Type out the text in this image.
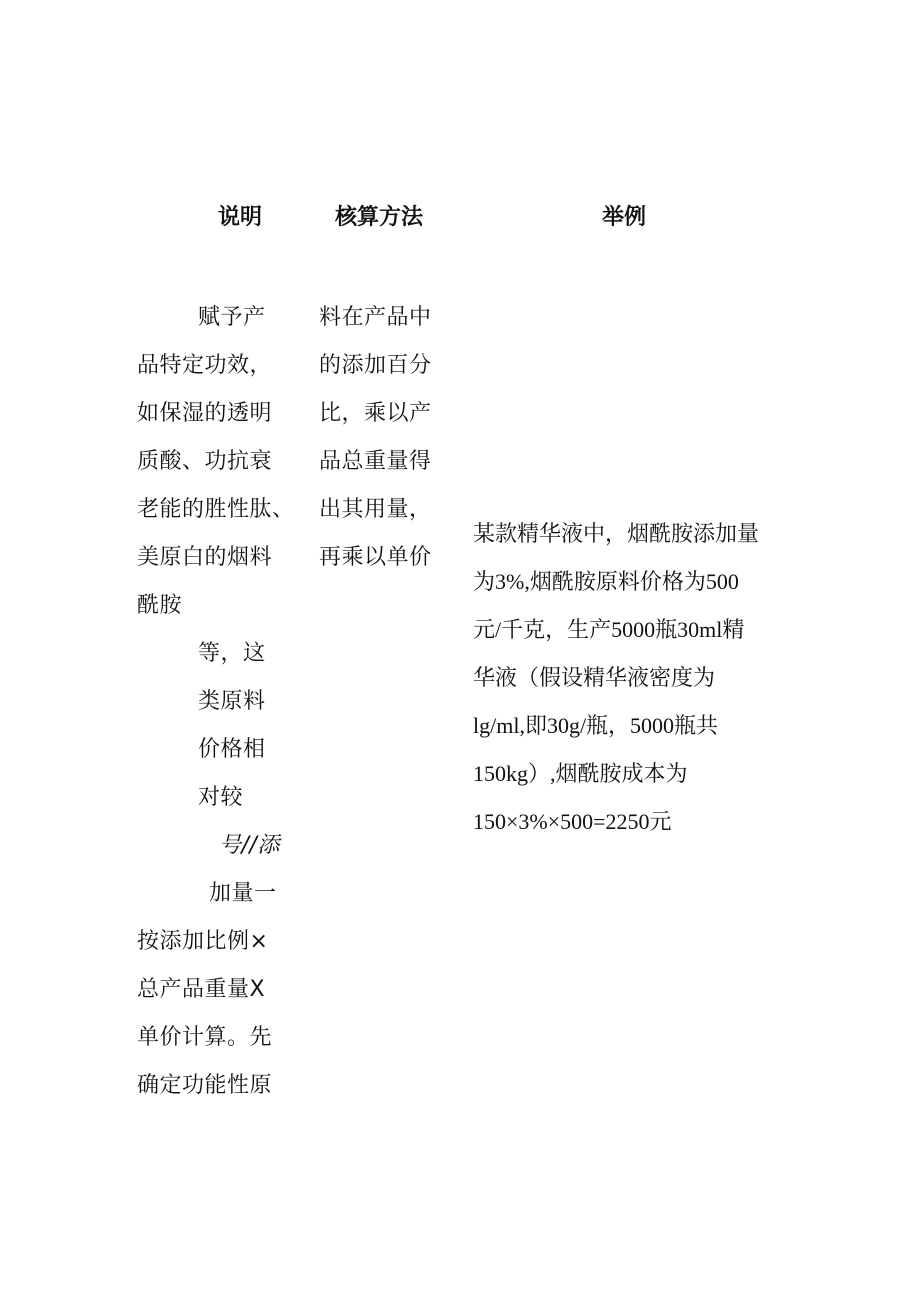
说明	核算方法	举例
赋予产
品特定功效，
如保湿的透明
质酸、功抗衰
老能的胜性肽、
美原白的烟料
酰胺
等，这
类原料
价格相
对较
号//添
加量一
按添加比例×
总产品重量X
单价计算。先
确定功能性原
料在产品中
的添加百分
比，乘以产
品总重量得
出其用量，
再乘以单价
某款精华液中，烟酰胺添加量
为3%,烟酰胺原料价格为500
元/千克，生产5000瓶30ml精
华液（假设精华液密度为
lg/ml,即30g/瓶，5000瓶共
150kg）,烟酰胺成本为
150×3%×500=2250元
